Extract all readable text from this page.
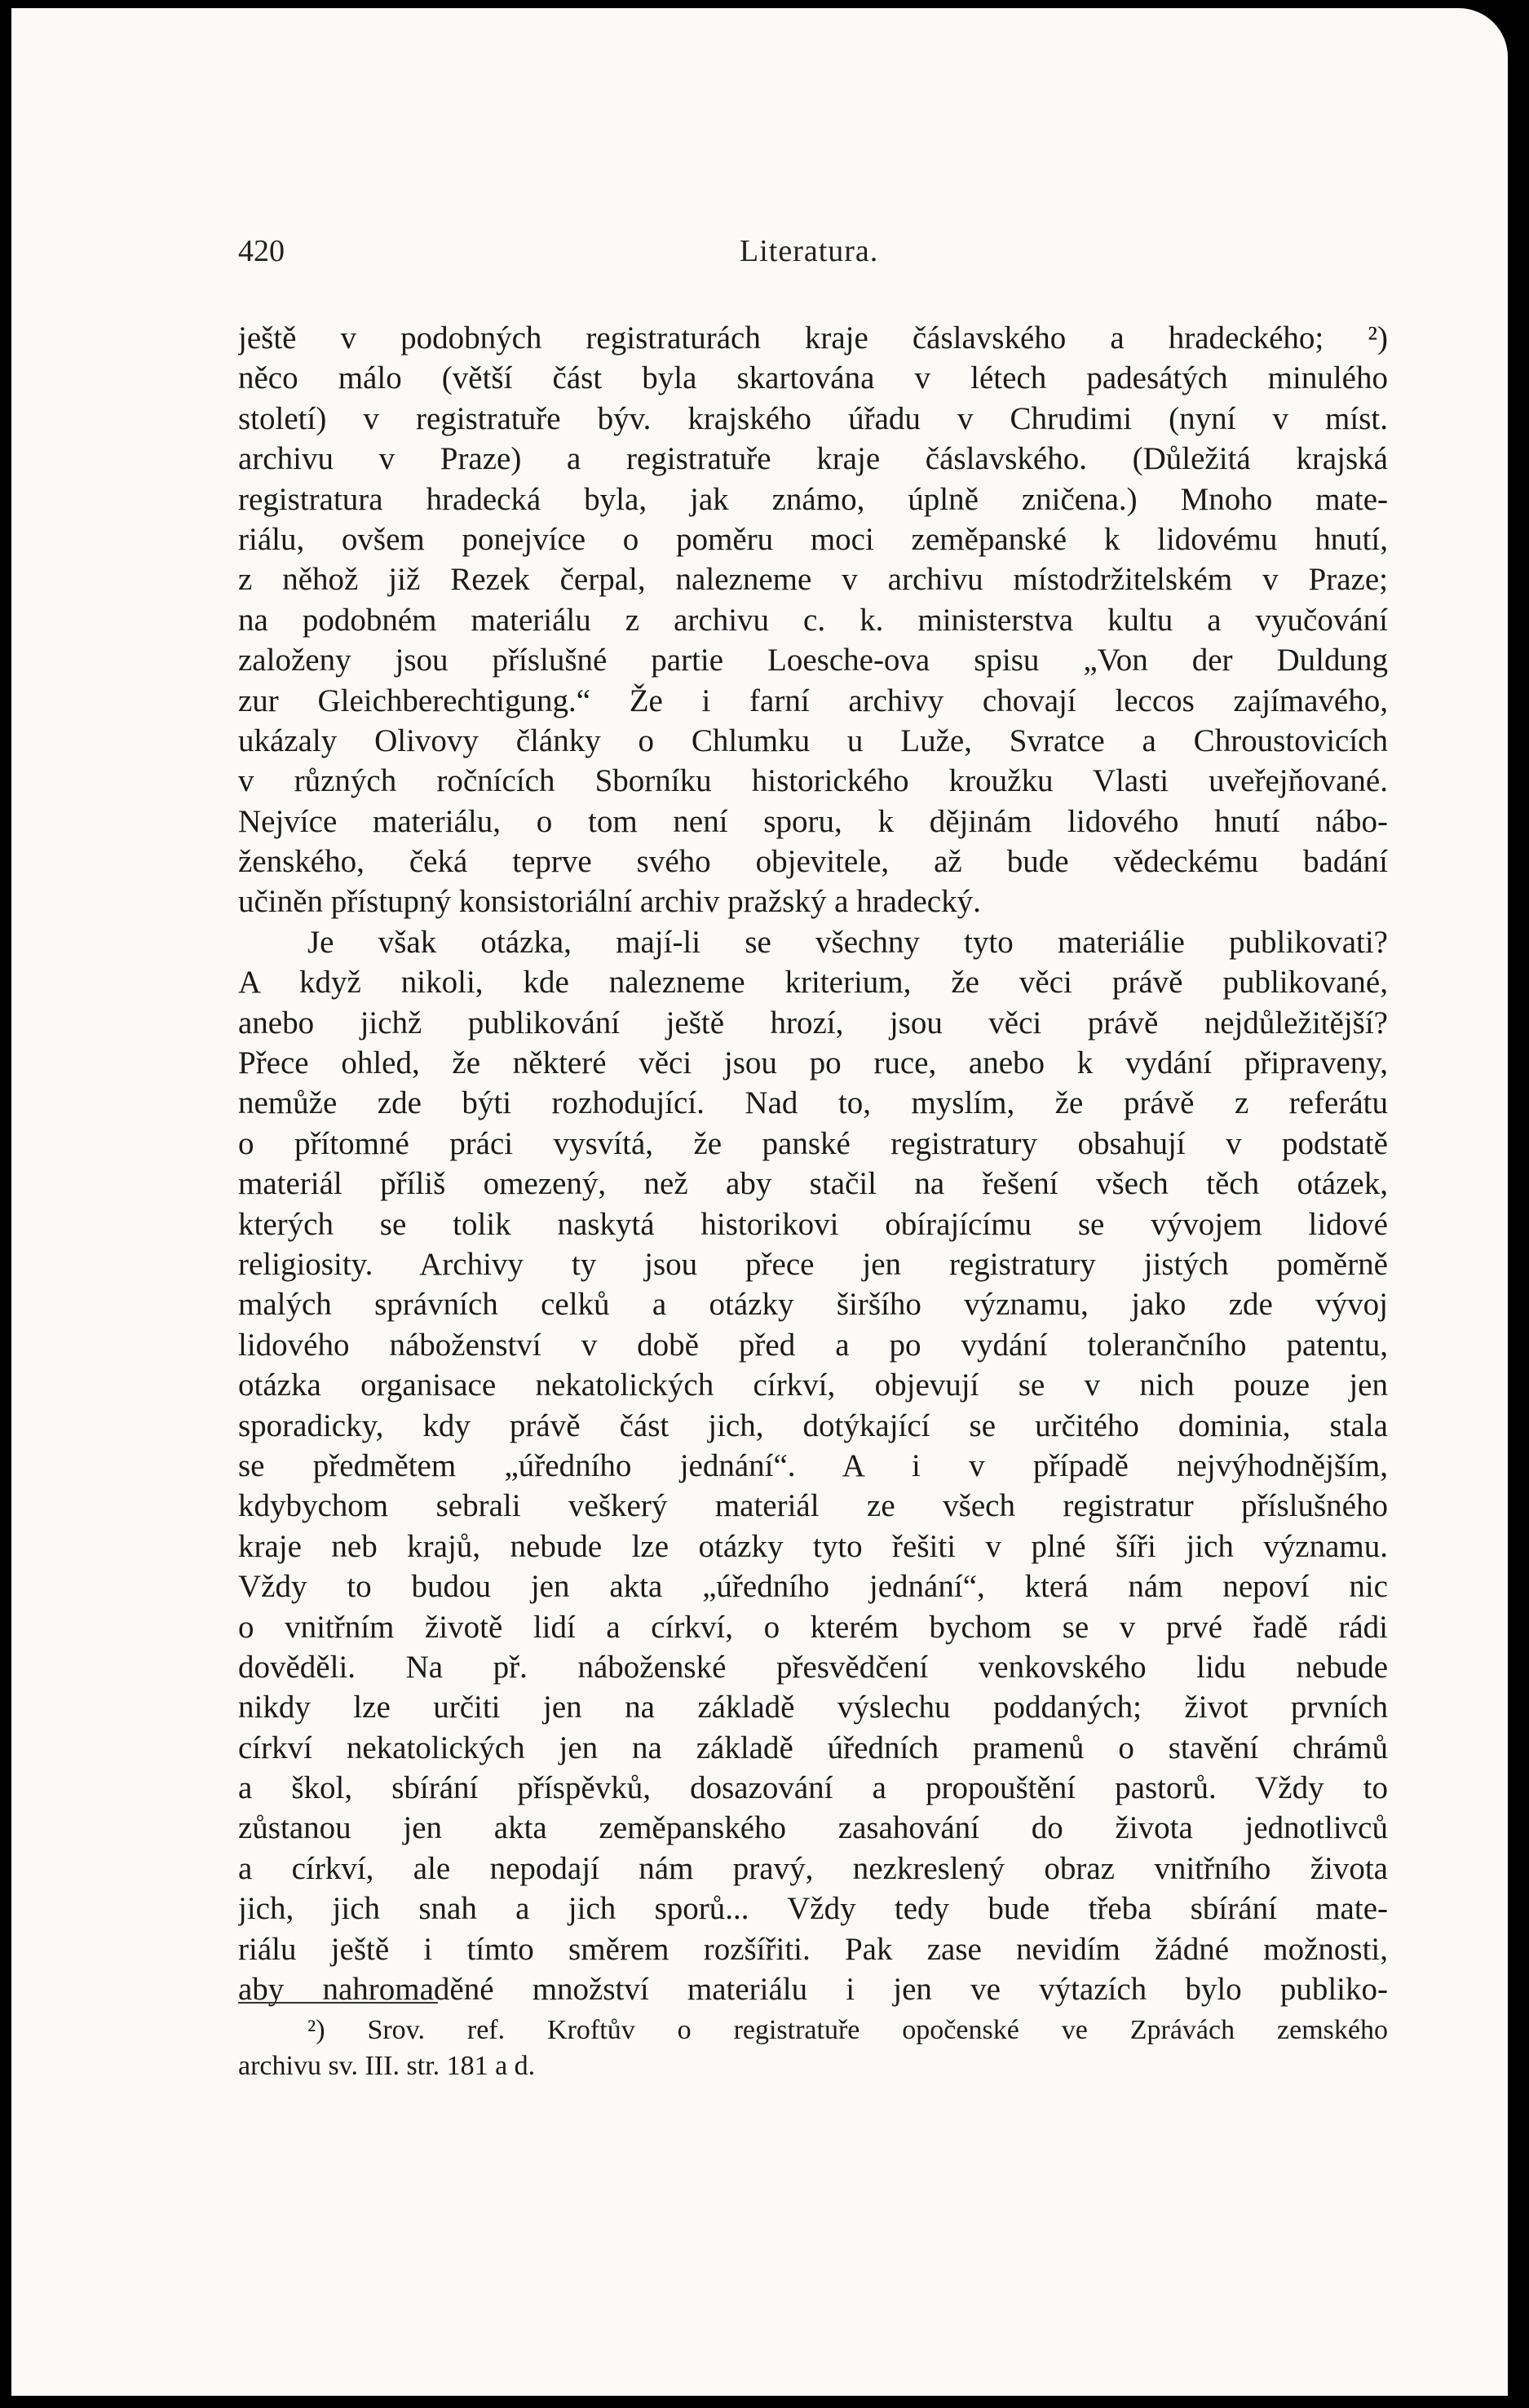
420	Literatura.
ještě v podobných registraturách kraje čáslavského a hradeckého; ²)
něco málo (větší část byla skartována v létech padesátých minulého
století) v registratuře býv. krajského úřadu v Chrudimi (nyní v míst.
archivu v Praze) a registratuře kraje čáslavského. (Důležitá krajská
registratura hradecká byla, jak známo, úplně zničena.) Mnoho mate-
riálu, ovšem ponejvíce o poměru moci zeměpanské k lidovému hnutí,
z něhož již Rezek čerpal, nalezneme v archivu místodržitelském v Praze;
na podobném materiálu z archivu c. k. ministerstva kultu a vyučování
založeny jsou příslušné partie Loesche-ova spisu „Von der Duldung
zur Gleichberechtigung.“ Že i farní archivy chovají leccos zajímavého,
ukázaly Olivovy články o Chlumku u Luže, Svratce a Chroustovicích
v různých ročnících Sborníku historického kroužku Vlasti uveřejňované.
Nejvíce materiálu, o tom není sporu, k dějinám lidového hnutí nábo-
ženského, čeká teprve svého objevitele, až bude vědeckému badání
učiněn přístupný konsistoriální archiv pražský a hradecký.
Je však otázka, mají-li se všechny tyto materiálie publikovati?
A když nikoli, kde nalezneme kriterium, že věci právě publikované,
anebo jichž publikování ještě hrozí, jsou věci právě nejdůležitější?
Přece ohled, že některé věci jsou po ruce, anebo k vydání připraveny,
nemůže zde býti rozhodující. Nad to, myslím, že právě z referátu
o přítomné práci vysvítá, že panské registratury obsahují v podstatě
materiál příliš omezený, než aby stačil na řešení všech těch otázek,
kterých se tolik naskytá historikovi obírajícímu se vývojem lidové
religiosity. Archivy ty jsou přece jen registratury jistých poměrně
malých správních celků a otázky širšího významu, jako zde vývoj
lidového náboženství v době před a po vydání tolerančního patentu,
otázka organisace nekatolických církví, objevují se v nich pouze jen
sporadicky, kdy právě část jich, dotýkající se určitého dominia, stala
se předmětem „úředního jednání“. A i v případě nejvýhodnějším,
kdybychom sebrali veškerý materiál ze všech registratur příslušného
kraje neb krajů, nebude lze otázky tyto řešiti v plné šíři jich významu.
Vždy to budou jen akta „úředního jednání“, která nám nepoví nic
o vnitřním životě lidí a církví, o kterém bychom se v prvé řadě rádi
dověděli. Na př. náboženské přesvědčení venkovského lidu nebude
nikdy lze určiti jen na základě výslechu poddaných; život prvních
církví nekatolických jen na základě úředních pramenů o stavění chrámů
a škol, sbírání příspěvků, dosazování a propouštění pastorů. Vždy to
zůstanou jen akta zeměpanského zasahování do života jednotlivců
a církví, ale nepodají nám pravý, nezkreslený obraz vnitřního života
jich, jich snah a jich sporů... Vždy tedy bude třeba sbírání mate-
riálu ještě i tímto směrem rozšířiti. Pak zase nevidím žádné možnosti,
aby nahromaděné množství materiálu i jen ve výtazích bylo publiko-
²) Srov. ref. Kroftův o registratuře opočenské ve Zprávách zemského
archivu sv. III. str. 181 a d.
